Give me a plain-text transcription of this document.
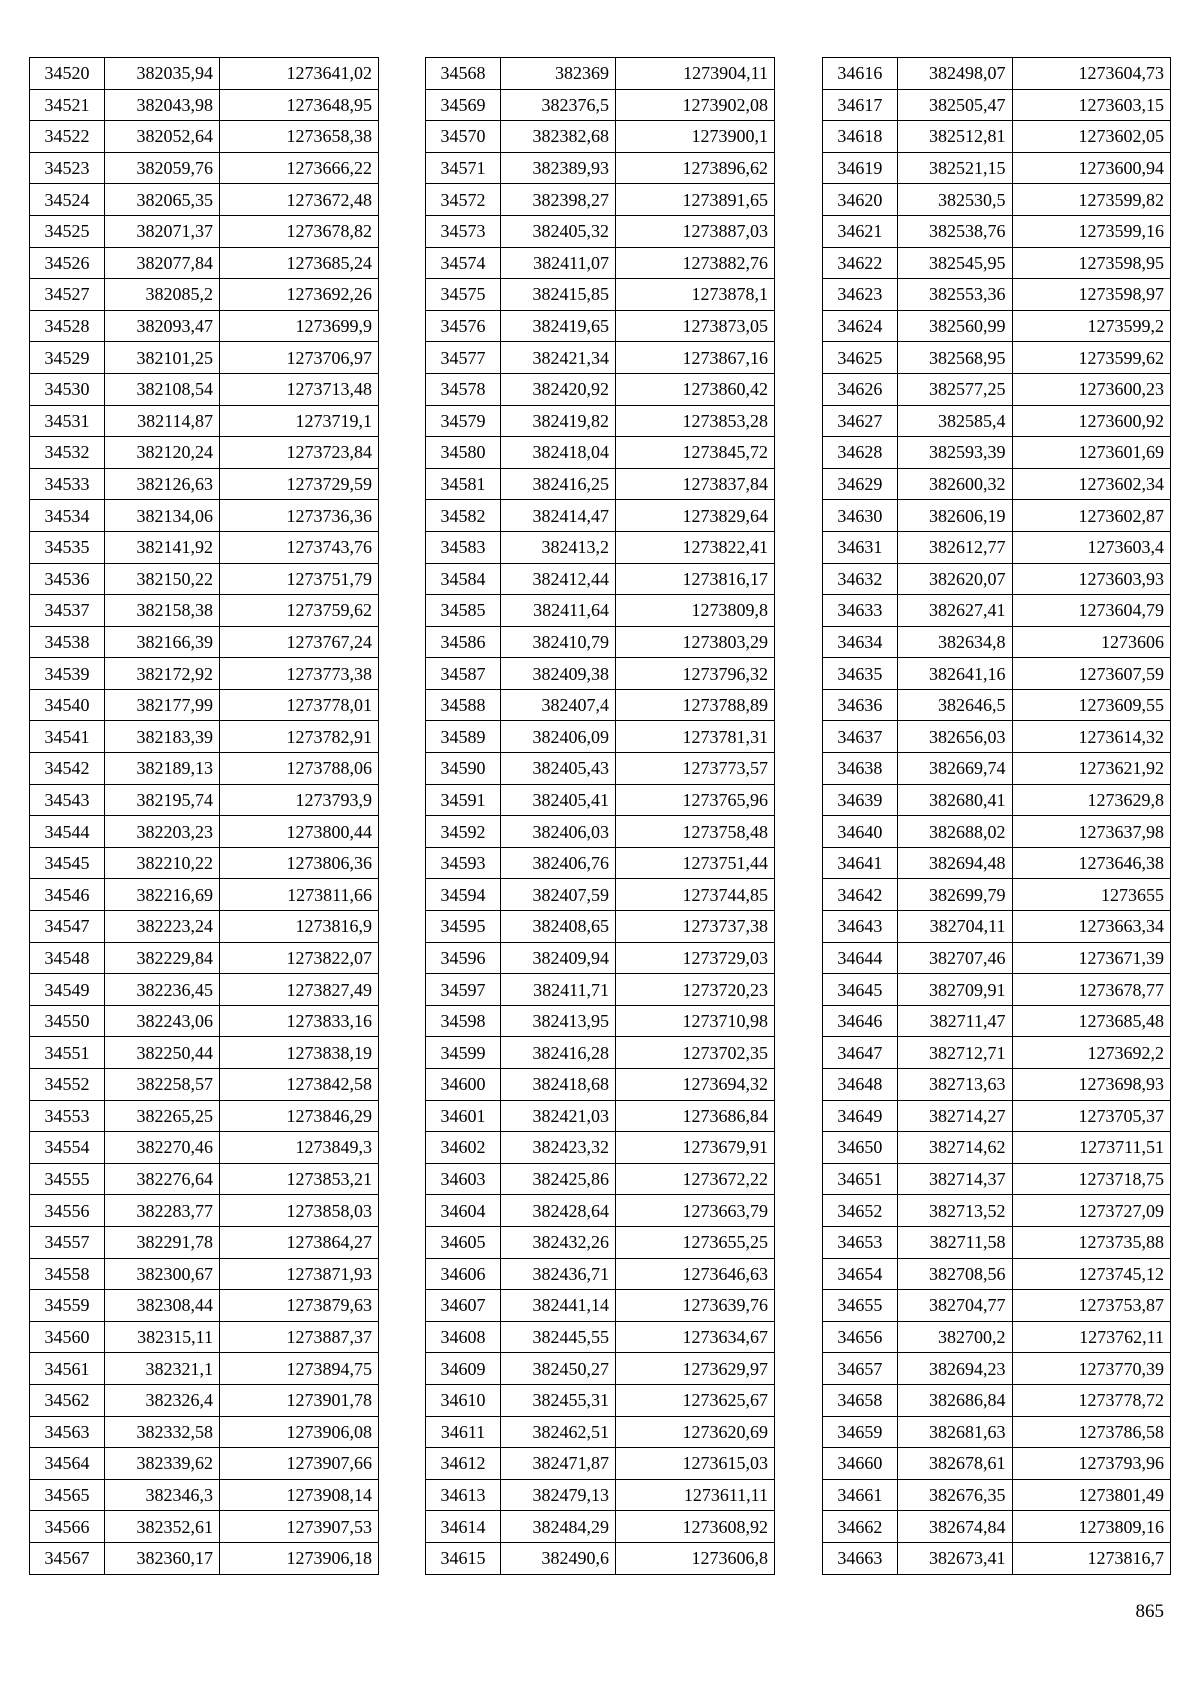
34520	382035,94	1273641,02
34521	382043,98	1273648,95
34522	382052,64	1273658,38
34523	382059,76	1273666,22
34524	382065,35	1273672,48
34525	382071,37	1273678,82
34526	382077,84	1273685,24
34527	382085,2	1273692,26
34528	382093,47	1273699,9
34529	382101,25	1273706,97
34530	382108,54	1273713,48
34531	382114,87	1273719,1
34532	382120,24	1273723,84
34533	382126,63	1273729,59
34534	382134,06	1273736,36
34535	382141,92	1273743,76
34536	382150,22	1273751,79
34537	382158,38	1273759,62
34538	382166,39	1273767,24
34539	382172,92	1273773,38
34540	382177,99	1273778,01
34541	382183,39	1273782,91
34542	382189,13	1273788,06
34543	382195,74	1273793,9
34544	382203,23	1273800,44
34545	382210,22	1273806,36
34546	382216,69	1273811,66
34547	382223,24	1273816,9
34548	382229,84	1273822,07
34549	382236,45	1273827,49
34550	382243,06	1273833,16
34551	382250,44	1273838,19
34552	382258,57	1273842,58
34553	382265,25	1273846,29
34554	382270,46	1273849,3
34555	382276,64	1273853,21
34556	382283,77	1273858,03
34557	382291,78	1273864,27
34558	382300,67	1273871,93
34559	382308,44	1273879,63
34560	382315,11	1273887,37
34561	382321,1	1273894,75
34562	382326,4	1273901,78
34563	382332,58	1273906,08
34564	382339,62	1273907,66
34565	382346,3	1273908,14
34566	382352,61	1273907,53
34567	382360,17	1273906,18
34568	382369	1273904,11
34569	382376,5	1273902,08
34570	382382,68	1273900,1
34571	382389,93	1273896,62
34572	382398,27	1273891,65
34573	382405,32	1273887,03
34574	382411,07	1273882,76
34575	382415,85	1273878,1
34576	382419,65	1273873,05
34577	382421,34	1273867,16
34578	382420,92	1273860,42
34579	382419,82	1273853,28
34580	382418,04	1273845,72
34581	382416,25	1273837,84
34582	382414,47	1273829,64
34583	382413,2	1273822,41
34584	382412,44	1273816,17
34585	382411,64	1273809,8
34586	382410,79	1273803,29
34587	382409,38	1273796,32
34588	382407,4	1273788,89
34589	382406,09	1273781,31
34590	382405,43	1273773,57
34591	382405,41	1273765,96
34592	382406,03	1273758,48
34593	382406,76	1273751,44
34594	382407,59	1273744,85
34595	382408,65	1273737,38
34596	382409,94	1273729,03
34597	382411,71	1273720,23
34598	382413,95	1273710,98
34599	382416,28	1273702,35
34600	382418,68	1273694,32
34601	382421,03	1273686,84
34602	382423,32	1273679,91
34603	382425,86	1273672,22
34604	382428,64	1273663,79
34605	382432,26	1273655,25
34606	382436,71	1273646,63
34607	382441,14	1273639,76
34608	382445,55	1273634,67
34609	382450,27	1273629,97
34610	382455,31	1273625,67
34611	382462,51	1273620,69
34612	382471,87	1273615,03
34613	382479,13	1273611,11
34614	382484,29	1273608,92
34615	382490,6	1273606,8
34616	382498,07	1273604,73
34617	382505,47	1273603,15
34618	382512,81	1273602,05
34619	382521,15	1273600,94
34620	382530,5	1273599,82
34621	382538,76	1273599,16
34622	382545,95	1273598,95
34623	382553,36	1273598,97
34624	382560,99	1273599,2
34625	382568,95	1273599,62
34626	382577,25	1273600,23
34627	382585,4	1273600,92
34628	382593,39	1273601,69
34629	382600,32	1273602,34
34630	382606,19	1273602,87
34631	382612,77	1273603,4
34632	382620,07	1273603,93
34633	382627,41	1273604,79
34634	382634,8	1273606
34635	382641,16	1273607,59
34636	382646,5	1273609,55
34637	382656,03	1273614,32
34638	382669,74	1273621,92
34639	382680,41	1273629,8
34640	382688,02	1273637,98
34641	382694,48	1273646,38
34642	382699,79	1273655
34643	382704,11	1273663,34
34644	382707,46	1273671,39
34645	382709,91	1273678,77
34646	382711,47	1273685,48
34647	382712,71	1273692,2
34648	382713,63	1273698,93
34649	382714,27	1273705,37
34650	382714,62	1273711,51
34651	382714,37	1273718,75
34652	382713,52	1273727,09
34653	382711,58	1273735,88
34654	382708,56	1273745,12
34655	382704,77	1273753,87
34656	382700,2	1273762,11
34657	382694,23	1273770,39
34658	382686,84	1273778,72
34659	382681,63	1273786,58
34660	382678,61	1273793,96
34661	382676,35	1273801,49
34662	382674,84	1273809,16
34663	382673,41	1273816,7
865
